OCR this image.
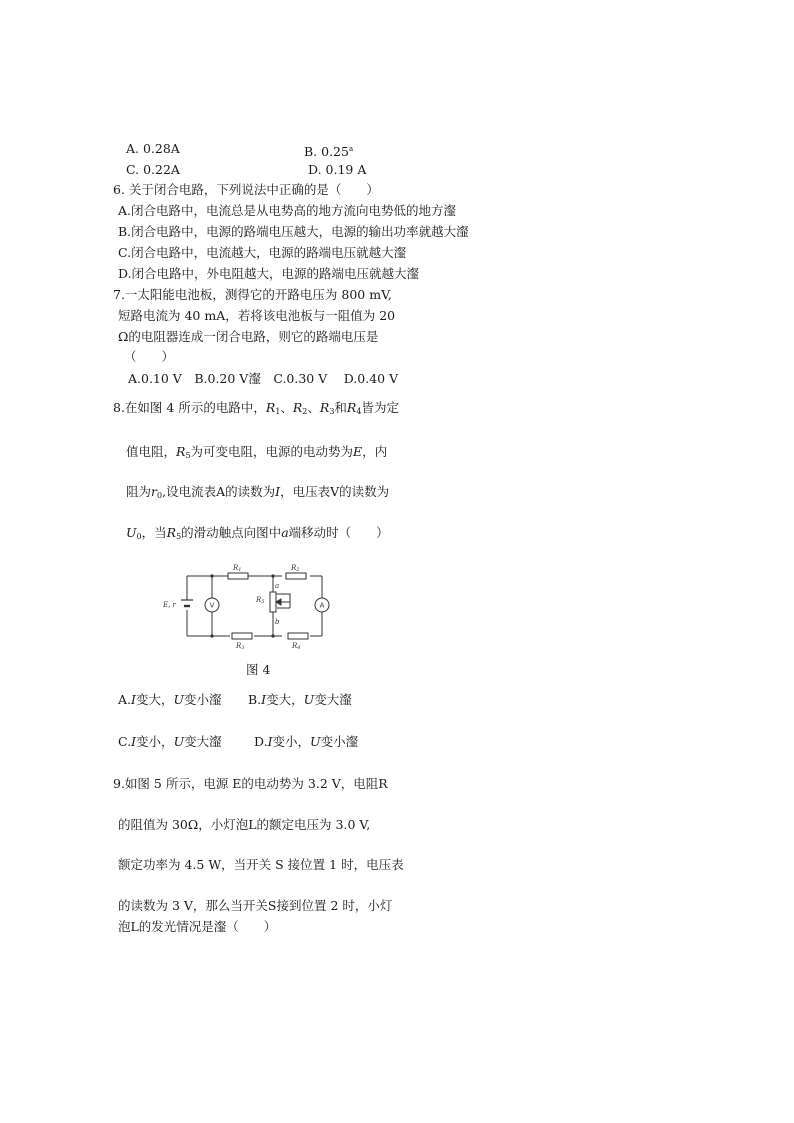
A. 0.28A	B. 0.25$^a$
C. 0.22A	D. 0.19 A
6. 关于闭合电路，下列说法中正确的是（　　）
A.闭合电路中，电流总是从电势高的地方流向电势低的地方瀣
B.闭合电路中，电源的路端电压越大，电源的输出功率就越大瀣
C.闭合电路中，电流越大，电源的路端电压就越大瀣
D.闭合电路中，外电阻越大，电源的路端电压就越大瀣
7.一太阳能电池板，测得它的开路电压为 800 mV,
短路电流为 40 mA，若将该电池板与一阻值为 20
Ω的电阻器连成一闭合电路，则它的路端电压是
（　　）
A.0.10 V　B.0.20 V瀣　C.0.30 V　 D.0.40 V
8.在如图 4 所示的电路中，$R_1$、$R_2$、$R_3$和$R_4$皆为定
值电阻，$R_5$为可变电阻，电源的电动势为E，内
阻为$r_0$,设电流表A的读数为I，电压表V的读数为
$U_0$，当$R_5$的滑动触点向图中a端移动时（　　）
R1	R2
R3	R4
R5
a
b
E, r	V	A
图 4
A.I变大，U变小瀣 B.I变大，U变大瀣
C.I变小，U变大瀣	D.I变小，U变小瀣
9.如图 5 所示，电源 E的电动势为 3.2 V，电阻R
的阻值为 30Ω，小灯泡L的额定电压为 3.0 V,
额定功率为 4.5 W，当开关 S 接位置 1 时，电压表
的读数为 3 V，那么当开关S接到位置 2 时，小灯
泡L的发光情况是瀣（　　）
